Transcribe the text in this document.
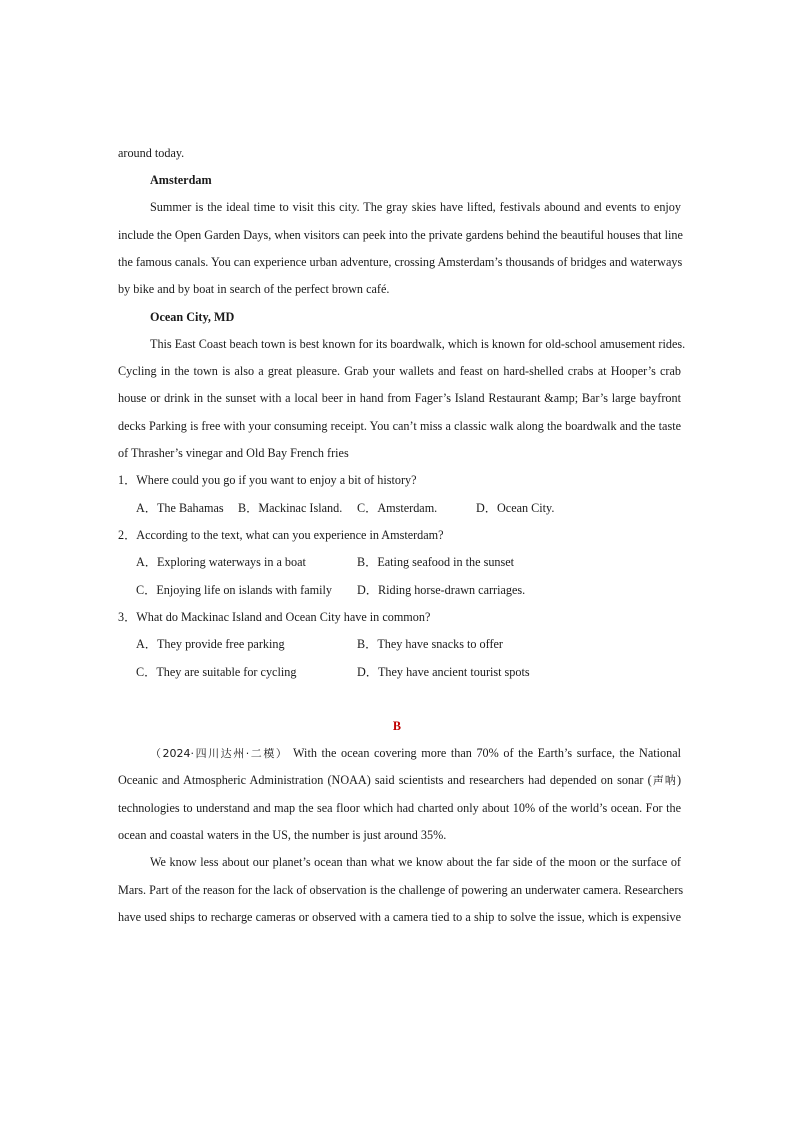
around today.
Amsterdam
Summer is the ideal time to visit this city. The gray skies have lifted, festivals abound and events to enjoy
include the Open Garden Days, when visitors can peek into the private gardens behind the beautiful houses that line
the famous canals. You can experience urban adventure, crossing Amsterdam’s thousands of bridges and waterways
by bike and by boat in search of the perfect brown café.
Ocean City, MD
This East Coast beach town is best known for its boardwalk, which is known for old-school amusement rides.
Cycling in the town is also a great pleasure. Grab your wallets and feast on hard-shelled crabs at Hooper’s crab
house or drink in the sunset with a local beer in hand from Fager’s Island Restaurant &amp; Bar’s large bayfront
decks Parking is free with your consuming receipt. You can’t miss a classic walk along the boardwalk and the taste
of Thrasher’s vinegar and Old Bay French fries
1．Where could you go if you want to enjoy a bit of history?
A．The Bahamas B．Mackinac Island. C．Amsterdam.	D．Ocean City.
2．According to the text, what can you experience in Amsterdam?
A．Exploring waterways in a boat	B．Eating seafood in the sunset
C．Enjoying life on islands with family D．Riding horse-drawn carriages.
3．What do Mackinac Island and Ocean City have in common?
A．They provide free parking	B．They have snacks to offer
C．They are suitable for cycling	D．They have ancient tourist spots
B
（2024·四川达州·二模） With the ocean covering more than 70% of the Earth’s surface, the National
Oceanic and Atmospheric Administration (NOAA) said scientists and researchers had depended on sonar (声呐)
technologies to understand and map the sea floor which had charted only about 10% of the world’s ocean. For the
ocean and coastal waters in the US, the number is just around 35%.
We know less about our planet’s ocean than what we know about the far side of the moon or the surface of
Mars. Part of the reason for the lack of observation is the challenge of powering an underwater camera. Researchers
have used ships to recharge cameras or observed with a camera tied to a ship to solve the issue, which is expensive
